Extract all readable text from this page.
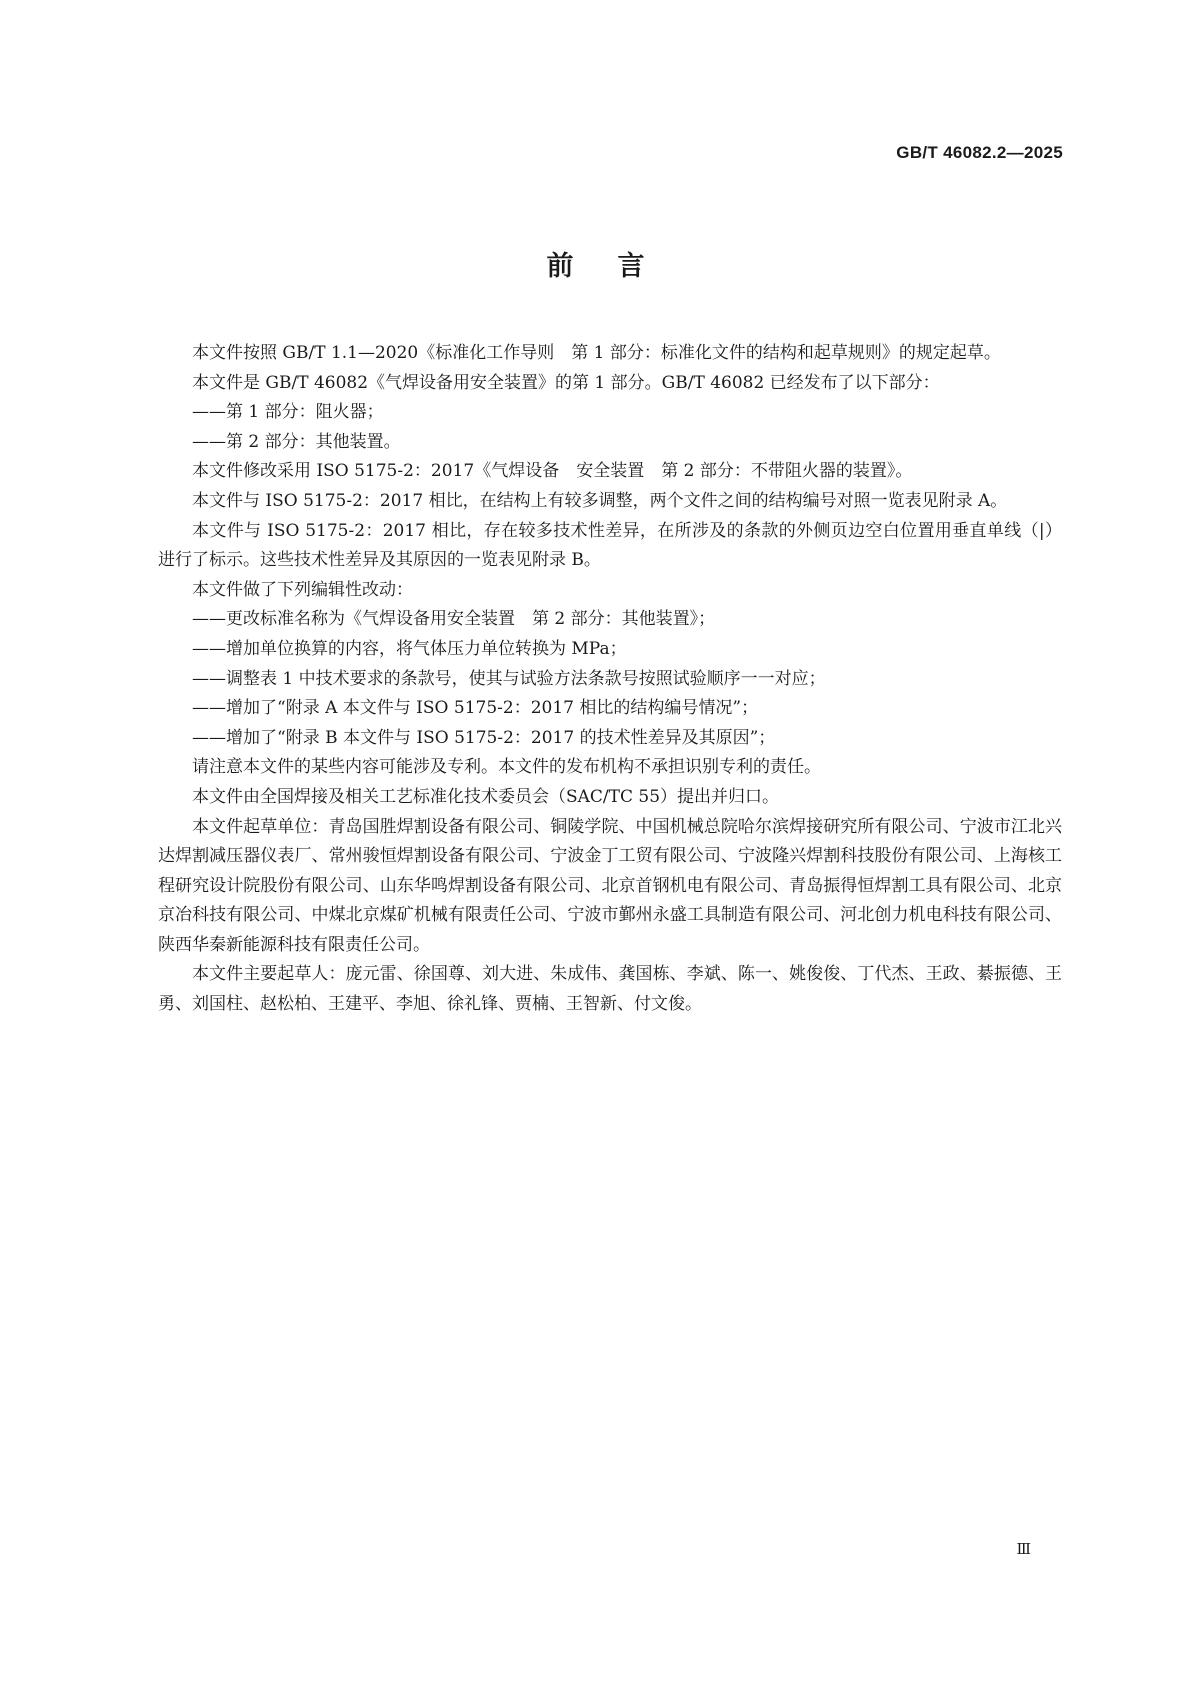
GB/T 46082.2—2025
前言

本文件按照 GB/T 1.1—2020《标准化工作导则　第 1 部分：标准化文件的结构和起草规则》的规定起草。

本文件是 GB/T 46082《气焊设备用安全装置》的第 1 部分。GB/T 46082 已经发布了以下部分：

——第 1 部分：阻火器；

——第 2 部分：其他装置。

本文件修改采用 ISO 5175-2：2017《气焊设备　安全装置　第 2 部分：不带阻火器的装置》。

本文件与 ISO 5175-2：2017 相比，在结构上有较多调整，两个文件之间的结构编号对照一览表见附录 A。

本文件与 ISO 5175-2：2017 相比，存在较多技术性差异，在所涉及的条款的外侧页边空白位置用垂直单线（|）进行了标示。这些技术性差异及其原因的一览表见附录 B。

本文件做了下列编辑性改动：

——更改标准名称为《气焊设备用安全装置　第 2 部分：其他装置》；

——增加单位换算的内容，将气体压力单位转换为 MPa；

——调整表 1 中技术要求的条款号，使其与试验方法条款号按照试验顺序一一对应；

——增加了“附录 A 本文件与 ISO 5175-2：2017 相比的结构编号情况”；

——增加了“附录 B 本文件与 ISO 5175-2：2017 的技术性差异及其原因”；

请注意本文件的某些内容可能涉及专利。本文件的发布机构不承担识别专利的责任。

本文件由全国焊接及相关工艺标准化技术委员会（SAC/TC 55）提出并归口。

本文件起草单位：青岛国胜焊割设备有限公司、铜陵学院、中国机械总院哈尔滨焊接研究所有限公司、宁波市江北兴达焊割减压器仪表厂、常州骏恒焊割设备有限公司、宁波金丁工贸有限公司、宁波隆兴焊割科技股份有限公司、上海核工程研究设计院股份有限公司、山东华鸣焊割设备有限公司、北京首钢机电有限公司、青岛振得恒焊割工具有限公司、北京京冶科技有限公司、中煤北京煤矿机械有限责任公司、宁波市鄞州永盛工具制造有限公司、河北创力机电科技有限公司、陕西华秦新能源科技有限责任公司。

本文件主要起草人：庞元雷、徐国尊、刘大进、朱成伟、龚国栋、李斌、陈一、姚俊俊、丁代杰、王政、綦振德、王勇、刘国柱、赵松柏、王建平、李旭、徐礼锋、贾楠、王智新、付文俊。

Ⅲ
